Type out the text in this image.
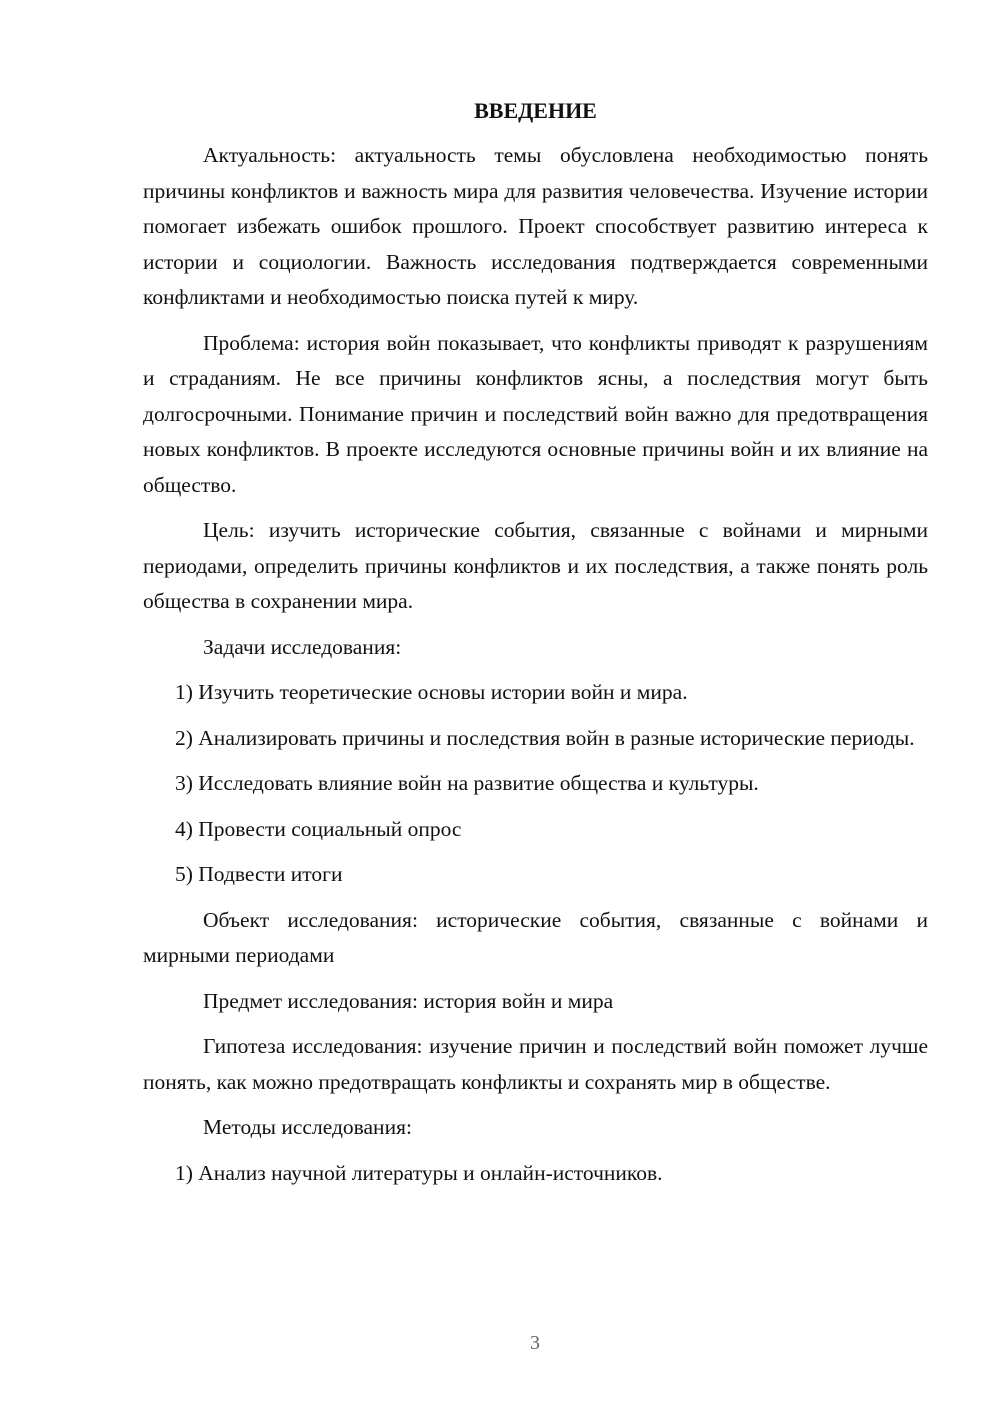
ВВЕДЕНИЕ

Актуальность: актуальность темы обусловлена необходимостью понять причины конфликтов и важность мира для развития человечества. Изучение истории помогает избежать ошибок прошлого. Проект способствует развитию интереса к истории и социологии. Важность исследования подтверждается современными конфликтами и необходимостью поиска путей к миру.

Проблема: история войн показывает, что конфликты приводят к разрушениям и страданиям. Не все причины конфликтов ясны, а последствия могут быть долгосрочными. Понимание причин и последствий войн важно для предотвращения новых конфликтов. В проекте исследуются основные причины войн и их влияние на общество.

Цель: изучить исторические события, связанные с войнами и мирными периодами, определить причины конфликтов и их последствия, а также понять роль общества в сохранении мира.

Задачи исследования:

1) Изучить теоретические основы истории войн и мира.

2) Анализировать причины и последствия войн в разные исторические периоды.

3) Исследовать влияние войн на развитие общества и культуры.

4) Провести социальный опрос

5) Подвести итоги

Объект исследования: исторические события, связанные с войнами и мирными периодами

Предмет исследования: история войн и мира

Гипотеза исследования: изучение причин и последствий войн поможет лучше понять, как можно предотвращать конфликты и сохранять мир в обществе.

Методы исследования:

1) Анализ научной литературы и онлайн-источников.

3
